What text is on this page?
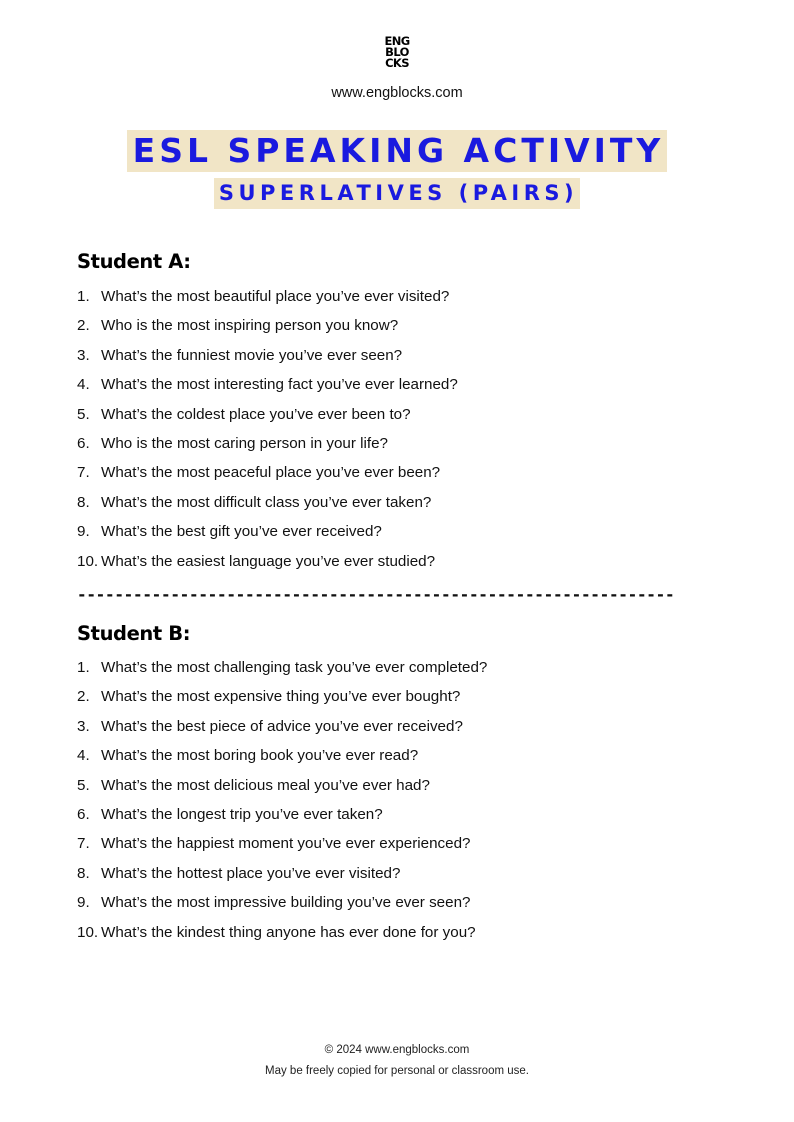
ENG
BLO
CKS
www.engblocks.com
ESL SPEAKING ACTIVITY
SUPERLATIVES (PAIRS)
Student A:
1. What’s the most beautiful place you’ve ever visited?
2. Who is the most inspiring person you know?
3. What’s the funniest movie you’ve ever seen?
4. What’s the most interesting fact you’ve ever learned?
5. What’s the coldest place you’ve ever been to?
6. Who is the most caring person in your life?
7. What’s the most peaceful place you’ve ever been?
8. What’s the most difficult class you’ve ever taken?
9. What’s the best gift you’ve ever received?
10. What’s the easiest language you’ve ever studied?
----------------------------------------------------------------
Student B:
1. What’s the most challenging task you’ve ever completed?
2. What’s the most expensive thing you’ve ever bought?
3. What’s the best piece of advice you’ve ever received?
4. What’s the most boring book you’ve ever read?
5. What’s the most delicious meal you’ve ever had?
6. What’s the longest trip you’ve ever taken?
7. What’s the happiest moment you’ve ever experienced?
8. What’s the hottest place you’ve ever visited?
9. What’s the most impressive building you’ve ever seen?
10. What’s the kindest thing anyone has ever done for you?
© 2024 www.engblocks.com
May be freely copied for personal or classroom use.
